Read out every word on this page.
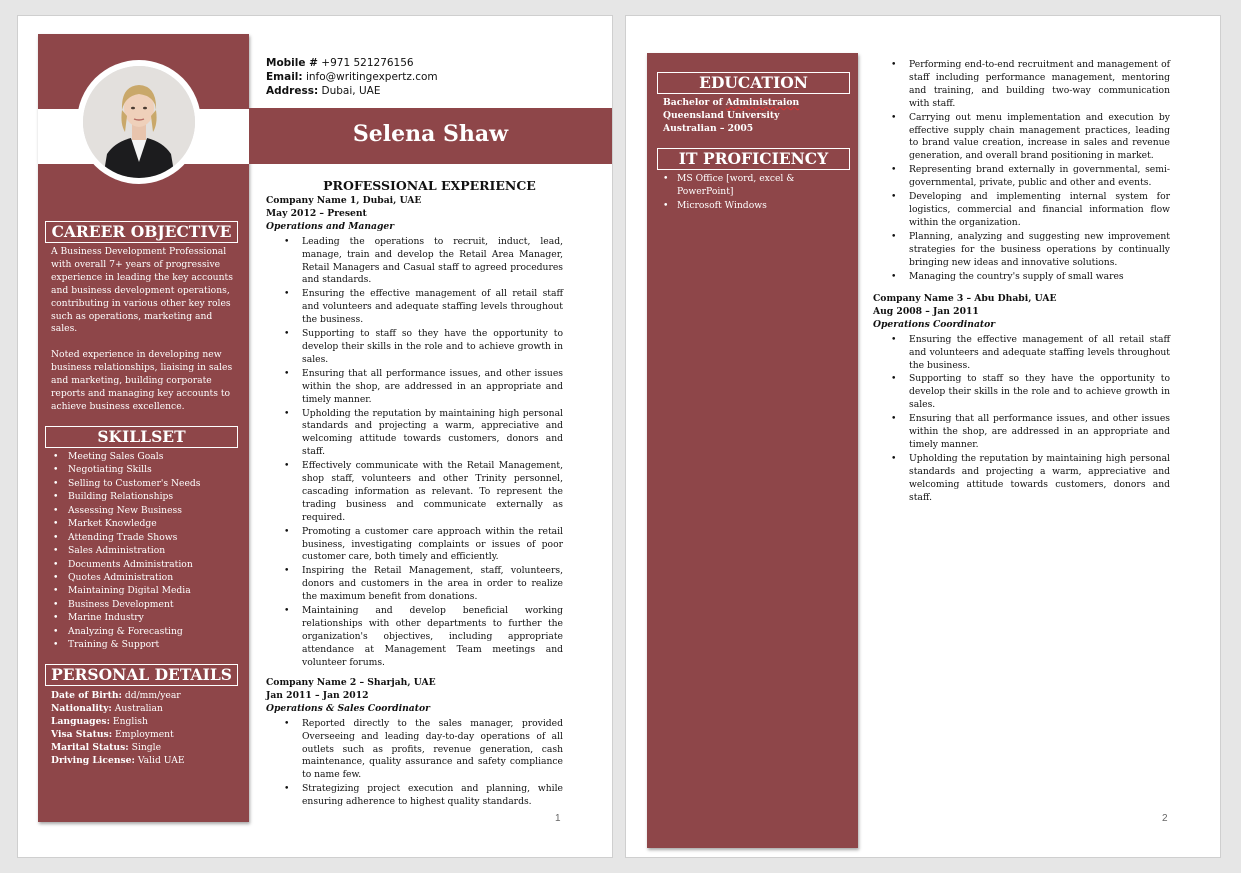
CAREER OBJECTIVE

A Business Development Professional with overall 7+ years of progressive experience in leading the key accounts and business development operations, contributing in various other key roles such as operations, marketing and sales.

Noted experience in developing new business relationships, liaising in sales and marketing, building corporate reports and managing key accounts to achieve business excellence.

SKILLSET
• Meeting Sales Goals
• Negotiating Skills
• Selling to Customer's Needs
• Building Relationships
• Assessing New Business
• Market Knowledge
• Attending Trade Shows
• Sales Administration
• Documents Administration
• Quotes Administration
• Maintaining Digital Media
• Business Development
• Marine Industry
• Analyzing & Forecasting
• Training & Support
PERSONAL DETAILS
Date of Birth: dd/mm/year
Nationality: Australian
Languages: English
Visa Status: Employment
Marital Status: Single
Driving License: Valid UAE
Mobile # +971 521276156
Email: info@writingexpertz.com
Address: Dubai, UAE
Selena Shaw
PROFESSIONAL EXPERIENCE
Company Name 1, Dubai, UAE
May 2012 – Present
Operations and Manager
• Leading the operations to recruit, induct, lead, manage, train and develop the Retail Area Manager, Retail Managers and Casual staff to agreed procedures and standards.
• Ensuring the effective management of all retail staff and volunteers and adequate staffing levels throughout the business.
• Supporting to staff so they have the opportunity to develop their skills in the role and to achieve growth in sales.
• Ensuring that all performance issues, and other issues within the shop, are addressed in an appropriate and timely manner.
• Upholding the reputation by maintaining high personal standards and projecting a warm, appreciative and welcoming attitude towards customers, donors and staff.
• Effectively communicate with the Retail Management, shop staff, volunteers and other Trinity personnel, cascading information as relevant. To represent the trading business and communicate externally as required.
• Promoting a customer care approach within the retail business, investigating complaints or issues of poor customer care, both timely and efficiently.
• Inspiring the Retail Management, staff, volunteers, donors and customers in the area in order to realize the maximum benefit from donations.
• Maintaining and develop beneficial working relationships with other departments to further the organization's objectives, including appropriate attendance at Management Team meetings and volunteer forums.
Company Name 2 – Sharjah, UAE
Jan 2011 – Jan 2012
Operations & Sales Coordinator
• Reported directly to the sales manager, provided Overseeing and leading day-to-day operations of all outlets such as profits, revenue generation, cash maintenance, quality assurance and safety compliance to name few.
• Strategizing project execution and planning, while ensuring adherence to highest quality standards.
1
EDUCATION
Bachelor of Administraion
Queensland University
Australian – 2005
IT PROFICIENCY
• MS Office [word, excel & PowerPoint]
• Microsoft Windows
• Performing end-to-end recruitment and management of staff including performance management, mentoring and training, and building two-way communication with staff.
• Carrying out menu implementation and execution by effective supply chain management practices, leading to brand value creation, increase in sales and revenue generation, and overall brand positioning in market.
• Representing brand externally in governmental, semi-governmental, private, public and other and events.
• Developing and implementing internal system for logistics, commercial and financial information flow within the organization.
• Planning, analyzing and suggesting new improvement strategies for the business operations by continually bringing new ideas and innovative solutions.
• Managing the country's supply of small wares
Company Name 3 – Abu Dhabi, UAE
Aug 2008 – Jan 2011
Operations Coordinator
• Ensuring the effective management of all retail staff and volunteers and adequate staffing levels throughout the business.
• Supporting to staff so they have the opportunity to develop their skills in the role and to achieve growth in sales.
• Ensuring that all performance issues, and other issues within the shop, are addressed in an appropriate and timely manner.
• Upholding the reputation by maintaining high personal standards and projecting a warm, appreciative and welcoming attitude towards customers, donors and staff.
2
